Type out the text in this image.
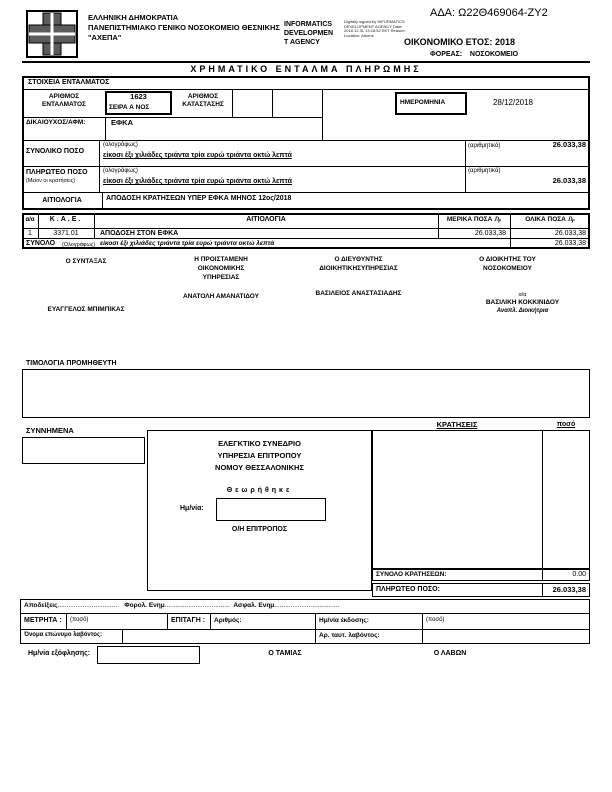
ΕΛΛΗΝΙΚΗ ΔΗΜΟΚΡΑΤΙΑ
ΠΑΝΕΠΙΣΤΗΜΙΑΚΟ ΓΕΝΙΚΟ ΝΟΣΟΚΟΜΕΙΟ ΘΕΣΝΙΚΗΣ
"ΑΧΕΠΑ"
INFORMATICS
DEVELOPMEN
T AGENCY
Digitally signed by INFORMATICS DEVELOPMENT AGENCY Date: 2018.12.31 13:18:52 EET Reason: Location: Athens
ΑΔΑ: Ω22Θ469064-ΖΥ2
ΟΙΚΟΝΟΜΙΚΟ ΕΤΟΣ: 2018
ΦΟΡΕΑΣ: ΝΟΣΟΚΟΜΕΙΟ
ΧΡΗΜΑΤΙΚΟ ΕΝΤΑΛΜΑ ΠΛΗΡΩΜΗΣ
ΣΤΟΙΧΕΙΑ ΕΝΤΑΛΜΑΤΟΣ
ΑΡΙΘΜΟΣ
ΕΝΤΑΛΜΑΤΟΣ
1623
ΣΕΙΡΑ Α ΝΟΣ
ΑΡΙΘΜΟΣ
ΚΑΤΑΣΤΑΣΗΣ	ΗΜΕΡΟΜΗΝΙΑ	28/12/2018
ΔΙΚΑΙΟΥΧΟΣ/ΑΦΜ:	ΕΦΚΑ
ΣΥΝΟΛΙΚΟ ΠΟΣΟ
(ολογράφως)
είκοσι έξι χιλιάδες τριάντα τρία ευρώ τριάντα οκτώ λεπτά
(αριθμητικά)	26.033,38
ΠΛΗΡΩΤΕΟ ΠΟΣΟ
(Μείον οι κρατήσεις)
(ολογράφως)
είκοσι έξι χιλιάδες τριάντα τρία ευρώ τριάντα οκτώ λεπτά
(αριθμητικά)
26.033,38
ΑΙΤΙΟΛΟΓΙΑ	ΑΠΟΔΟΣΗ ΚΡΑΤΗΣΕΩΝ ΥΠΕΡ ΕΦΚΑ ΜΗΝΟΣ 12ος/2018
α/α	Κ.Α.Ε.	ΑΙΤΙΟΛΟΓΙΑ	ΜΕΡΙΚΑ ΠΟΣΑ ₯	ΟΛΙΚΑ ΠΟΣΑ ₯
1	3371.01	ΑΠΟΔΟΣΗ ΣΤΟΝ ΕΦΚΑ	26.033,38	26.033,38
ΣΥΝΟΛΟ (Ολογράφως) είκοσι έξι χιλιάδες τριάντα τρία ευρώ τριάντα οκτώ λεπτά	26.033,38
Ο ΣΥΝΤΑΞΑΣ
ΕΥΑΓΓΕΛΟΣ ΜΠΙΜΠΙΚΑΣ
Η ΠΡΟΙΣΤΑΜΕΝΗ
ΟΙΚΟΝΟΜΙΚΗΣ
ΥΠΗΡΕΣΙΑΣ
ΑΝΑΤΟΛΗ ΑΜΑΝΑΤΙΔΟΥ
Ο ΔΙΕΥΘΥΝΤΗΣ
ΔΙΟΙΚΗΤΙΚΗΣΥΠΗΡΕΣΙΑΣ
ΒΑΣΙΛΕΙΟΣ ΑΝΑΣΤΑΣΙΑΔΗΣ
Ο ΔΙΟΙΚΗΤΗΣ ΤΟΥ
ΝΟΣΟΚΟΜΕΙΟΥ
α/α
ΒΑΣΙΛΙΚΗ ΚΟΚΚΙΝΙΔΟΥ
Αναπλ. Διοικήτρια
ΤΙΜΟΛΟΓΙΑ ΠΡΟΜΗΘΕΥΤΗ
ΣΥΝΝΗΜΕΝΑ
ΕΛΕΓΚΤΙΚΟ ΣΥΝΕΔΡΙΟ
ΥΠΗΡΕΣΙΑ ΕΠΙΤΡΟΠΟΥ
ΝΟΜΟΥ ΘΕΣΣΑΛΟΝΙΚΗΣ
Θεωρήθηκε
Ημ/νία:
Ο/Η ΕΠΙΤΡΟΠΟΣ
ΚΡΑΤΗΣΕΙΣ	ποσό
ΣΥΝΟΛΟ ΚΡΑΤΗΣΕΩΝ:	0.00
ΠΛΗΡΩΤΕΟ ΠΟΣΟ:	26.033,38
Αποδείξεις.................................. Φορολ. Ενημ.................................... Ασφαλ. Ενημ....................................
ΜΕΤΡΗΤΑ : (ποσό)	ΕΠΙΤΑΓΗ : Αριθμός:	Ημ/νία έκδοσης:	(ποσό)
Όνομα επώνυμο λαβόντος:	Αρ. ταυτ. λαβόντος:
Ημ/νία εξόφλησης:	Ο ΤΑΜΙΑΣ	Ο ΛΑΒΩΝ
